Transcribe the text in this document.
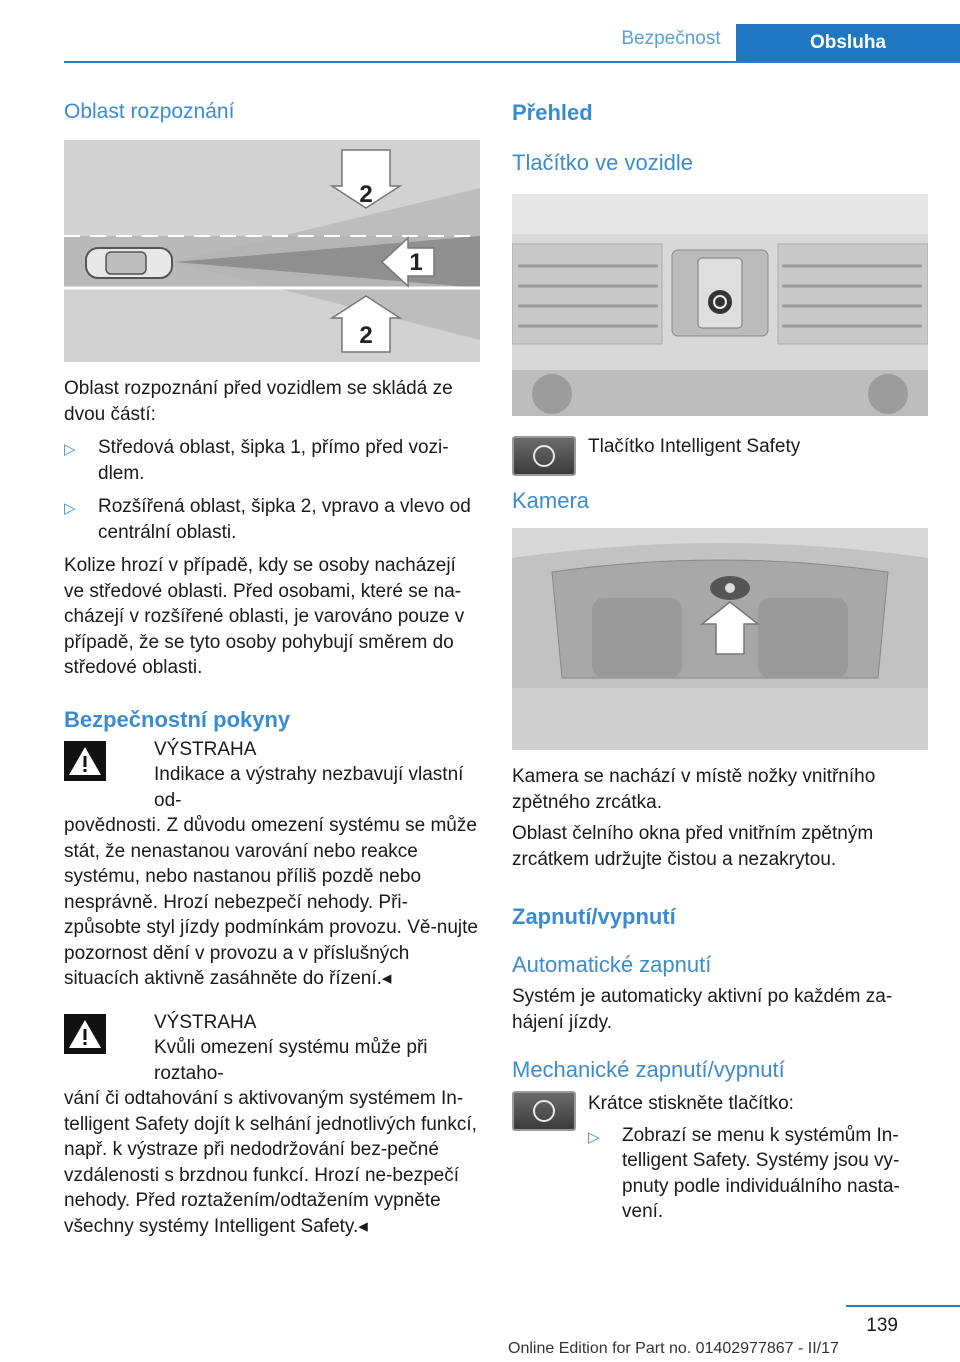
Bezpečnost	Obsluha
Oblast rozpoznání
2
1
2

Oblast rozpoznání před vozidlem se skládá ze dvou částí:

▷ Středová oblast, šipka 1, přímo před vozi-dlem.
▷ Rozšířená oblast, šipka 2, vpravo a vlevo od centrální oblasti.

Kolize hrozí v případě, kdy se osoby nacházejí ve středové oblasti. Před osobami, které se na-cházejí v rozšířené oblasti, je varováno pouze v případě, že se tyto osoby pohybují směrem do středové oblasti.

Bezpečnostní pokyny
VÝSTRAHA
Indikace a výstrahy nezbavují vlastní od-

povědnosti. Z důvodu omezení systému se může stát, že nenastanou varování nebo reakce systému, nebo nastanou příliš pozdě nebo nesprávně. Hrozí nebezpečí nehody. Při-způsobte styl jízdy podmínkám provozu. Vě-nujte pozornost dění v provozu a v příslušných situacích aktivně zasáhněte do řízení.◂

VÝSTRAHA
Kvůli omezení systému může při roztaho-

vání či odtahování s aktivovaným systémem In-telligent Safety dojít k selhání jednotlivých funkcí, např. k výstraze při nedodržování bez-pečné vzdálenosti s brzdnou funkcí. Hrozí ne-bezpečí nehody. Před roztažením/odtažením vypněte všechny systémy Intelligent Safety.◂

Přehled
Tlačítko ve vozidle
Tlačítko Intelligent Safety
Kamera

Kamera se nachází v místě nožky vnitřního zpětného zrcátka.

Oblast čelního okna před vnitřním zpětným zrcátkem udržujte čistou a nezakrytou.

Zapnutí/vypnutí
Automatické zapnutí

Systém je automaticky aktivní po každém za-hájení jízdy.

Mechanické zapnutí/vypnutí

Krátce stiskněte tlačítko:

▷ Zobrazí se menu k systémům In-telligent Safety. Systémy jsou vy-pnuty podle individuálního nasta-vení.
139
Online Edition for Part no. 01402977867 - II/17
